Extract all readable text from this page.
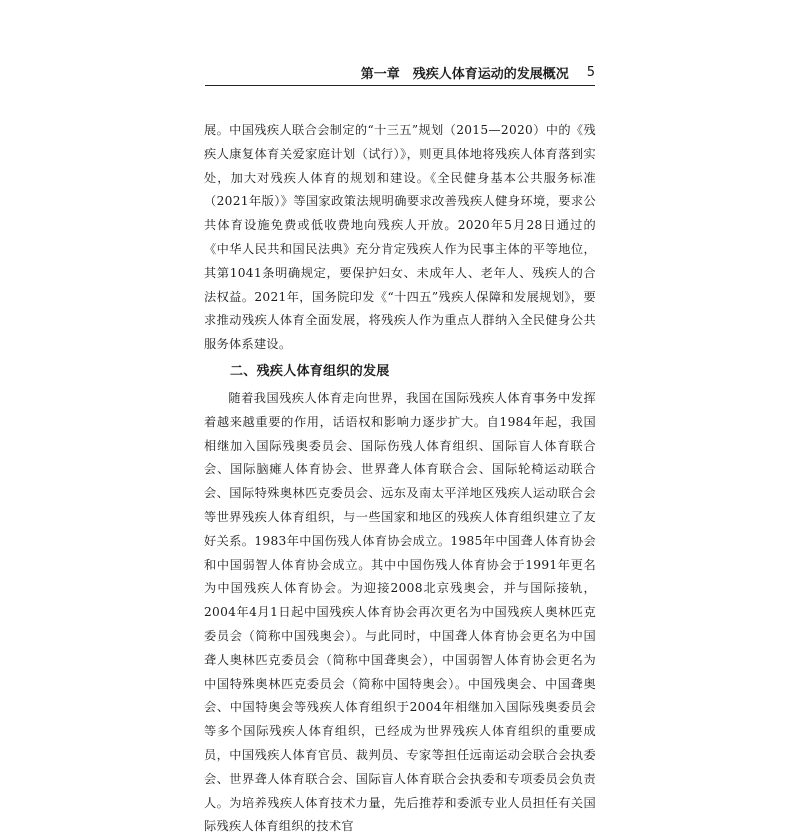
第一章　残疾人体育运动的发展概况 5

展。中国残疾人联合会制定的“十三五”规划（2015—2020）中的《残疾人康复体育关爱家庭计划（试行）》，则更具体地将残疾人体育落到实处，加大对残疾人体育的规划和建设。《全民健身基本公共服务标准（2021年版）》等国家政策法规明确要求改善残疾人健身环境，要求公共体育设施免费或低收费地向残疾人开放。2020年5月28日通过的《中华人民共和国民法典》充分肯定残疾人作为民事主体的平等地位，其第1041条明确规定，要保护妇女、未成年人、老年人、残疾人的合法权益。2021年，国务院印发《“十四五”残疾人保障和发展规划》，要求推动残疾人体育全面发展，将残疾人作为重点人群纳入全民健身公共服务体系建设。

二、残疾人体育组织的发展

随着我国残疾人体育走向世界，我国在国际残疾人体育事务中发挥着越来越重要的作用，话语权和影响力逐步扩大。自1984年起，我国相继加入国际残奥委员会、国际伤残人体育组织、国际盲人体育联合会、国际脑瘫人体育协会、世界聋人体育联合会、国际轮椅运动联合会、国际特殊奥林匹克委员会、远东及南太平洋地区残疾人运动联合会等世界残疾人体育组织，与一些国家和地区的残疾人体育组织建立了友好关系。1983年中国伤残人体育协会成立。1985年中国聋人体育协会和中国弱智人体育协会成立。其中中国伤残人体育协会于1991年更名为中国残疾人体育协会。为迎接2008北京残奥会，并与国际接轨，2004年4月1日起中国残疾人体育协会再次更名为中国残疾人奥林匹克委员会（简称中国残奥会）。与此同时，中国聋人体育协会更名为中国聋人奥林匹克委员会（简称中国聋奥会），中国弱智人体育协会更名为中国特殊奥林匹克委员会（简称中国特奥会）。中国残奥会、中国聋奥会、中国特奥会等残疾人体育组织于2004年相继加入国际残奥委员会等多个国际残疾人体育组织，已经成为世界残疾人体育组织的重要成员，中国残疾人体育官员、裁判员、专家等担任远南运动会联合会执委会、世界聋人体育联合会、国际盲人体育联合会执委和专项委员会负责人。为培养残疾人体育技术力量，先后推荐和委派专业人员担任有关国际残疾人体育组织的技术官
